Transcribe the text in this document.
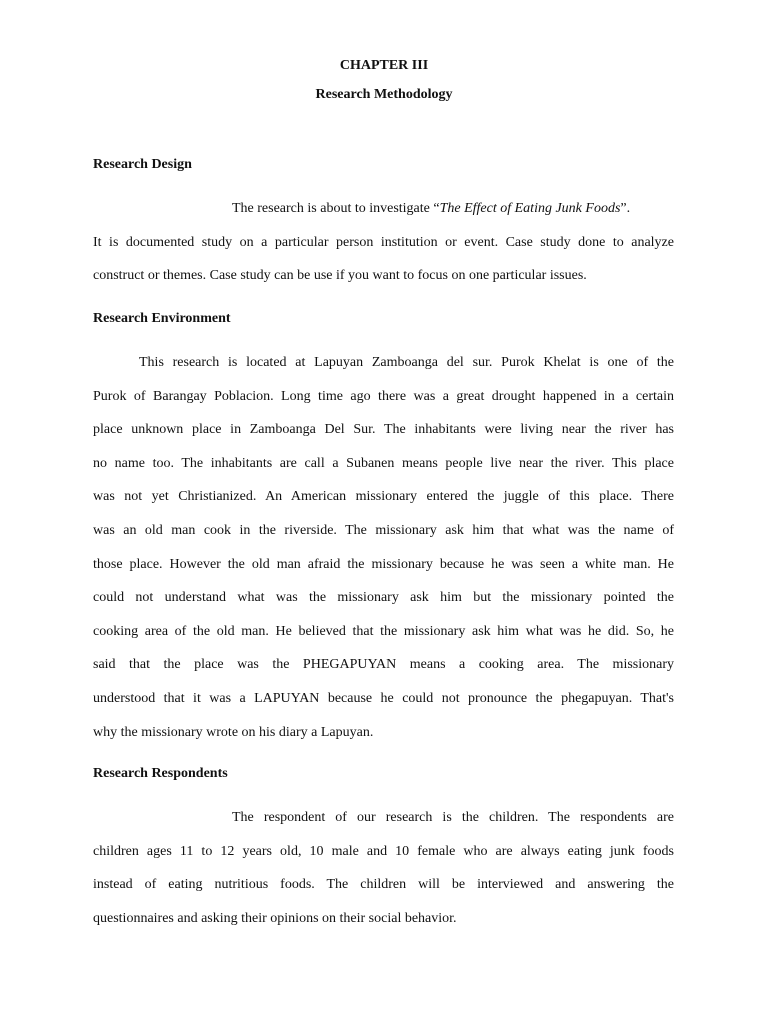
CHAPTER III
Research Methodology
Research Design

The research is about to investigate “The Effect of Eating Junk Foods”.
It is documented study on a particular person institution or event. Case study done to analyze
construct or themes. Case study can be use if you want to focus on one particular issues.

Research Environment

This research is located at Lapuyan Zamboanga del sur. Purok Khelat is one of the
Purok of Barangay Poblacion. Long time ago there was a great drought happened in a certain
place unknown place in Zamboanga Del Sur. The inhabitants were living near the river has
no name too. The inhabitants are call a Subanen means people live near the river. This place
was not yet Christianized. An American missionary entered the juggle of this place. There
was an old man cook in the riverside. The missionary ask him that what was the name of
those place. However the old man afraid the missionary because he was seen a white man. He
could not understand what was the missionary ask him but the missionary pointed the
cooking area of the old man. He believed that the missionary ask him what was he did. So, he
said that the place was the PHEGAPUYAN means a cooking area. The missionary
understood that it was a LAPUYAN because he could not pronounce the phegapuyan. That's
why the missionary wrote on his diary a Lapuyan.

Research Respondents

The respondent of our research is the children. The respondents are
children ages 11 to 12 years old, 10 male and 10 female who are always eating junk foods
instead of eating nutritious foods. The children will be interviewed and answering the
questionnaires and asking their opinions on their social behavior.
